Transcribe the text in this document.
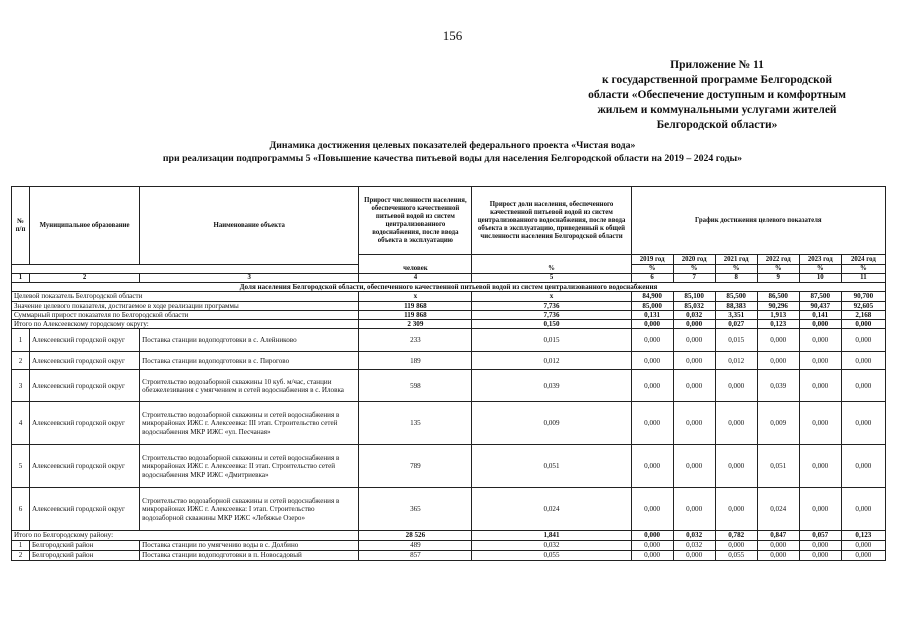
156
Приложение № 11
к государственной программе Белгородской
области «Обеспечение доступным и комфортным
жильем и коммунальными услугами жителей
Белгородской области»
Динамика достижения целевых показателей федерального проекта «Чистая вода»
при реализации подпрограммы 5 «Повышение качества питьевой воды для населения Белгородской области на 2019 – 2024 годы»
№ п/п	Муниципальное образование	Наименование объекта	Прирост численности населения, обеспеченного качественной питьевой водой из систем централизованного водоснабжения, после ввода объекта в эксплуатацию	Прирост доли населения, обеспеченного качественной питьевой водой из систем централизованного водоснабжения, после ввода объекта в эксплуатацию, приведенный к общей численности населения Белгородской области	График достижения целевого показателя					
			человек	%	2019 год	2020 год	2021 год	2022 год	2023 год	2024 год
					%	%	%	%	%	%
1	2	3	4	5	6	7	8	9	10	11
Доля населения Белгородской области, обеспеченного качественной питьевой водой из систем централизованного водоснабжения										
Целевой показатель Белгородской области			х	х	84,900	85,100	85,500	86,500	87,500	90,700
Значение целевого показателя, достигаемое в ходе реализации программы			119 868	7,736	85,000	85,032	88,383	90,296	90,437	92,605
Суммарный прирост показателя по Белгородской области			119 868	7,736	0,131	0,032	3,351	1,913	0,141	2,168
Итого по Алексеевскому городскому округу:			2 309	0,150	0,000	0,000	0,027	0,123	0,000	0,000
1	Алексеевский городской округ	Поставка станции водоподготовки в с. Алейниково	233	0,015	0,000	0,000	0,015	0,000	0,000	0,000
2	Алексеевский городской округ	Поставка станции водоподготовки в с. Пирогово	189	0,012	0,000	0,000	0,012	0,000	0,000	0,000
3	Алексеевский городской округ	Строительство водозаборной скважины 10 куб. м/час, станции обезжелезивания с умягчением и сетей водоснабжения в с. Иловка	598	0,039	0,000	0,000	0,000	0,039	0,000	0,000
4	Алексеевский городской округ	Строительство водозаборной скважины и сетей водоснабжения в микрорайонах ИЖС г. Алексеевка: III этап. Строительство сетей водоснабжения МКР ИЖС «ул. Песчаная»	135	0,009	0,000	0,000	0,000	0,009	0,000	0,000
5	Алексеевский городской округ	Строительство водозаборной скважины и сетей водоснабжения в микрорайонах ИЖС г. Алексеевка: II этап. Строительство сетей водоснабжения МКР ИЖС «Дмитриевка»	789	0,051	0,000	0,000	0,000	0,051	0,000	0,000
6	Алексеевский городской округ	Строительство водозаборной скважины и сетей водоснабжения в микрорайонах ИЖС г. Алексеевка: I этап. Строительство водозаборной скважины МКР ИЖС «Лебяжье Озеро»	365	0,024	0,000	0,000	0,000	0,024	0,000	0,000
Итого по Белгородскому району:			28 526	1,841	0,000	0,032	0,782	0,847	0,057	0,123
1	Белгородский район	Поставка станции по умягчению воды в с. Долбино	489	0,032	0,000	0,032	0,000	0,000	0,000	0,000
2	Белгородский район	Поставка станции водоподготовки в п. Новосадовый	857	0,055	0,000	0,000	0,055	0,000	0,000	0,000
